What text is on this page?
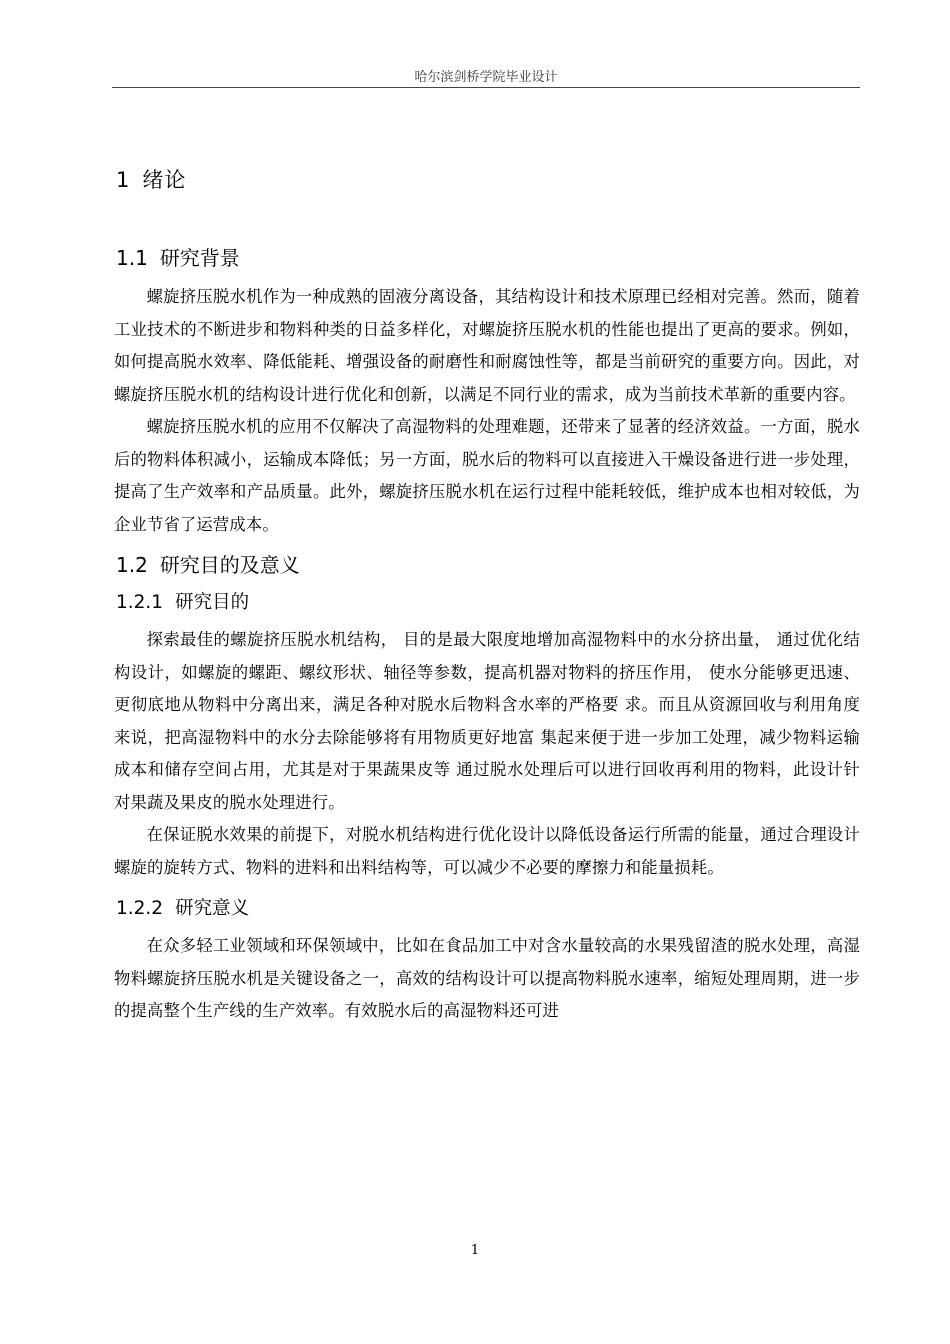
哈尔滨剑桥学院毕业设计
1 绪论
1.1 研究背景

螺旋挤压脱水机作为一种成熟的固液分离设备，其结构设计和技术原理已经相对完善。然而，随着工业技术的不断进步和物料种类的日益多样化，对螺旋挤压脱水机的性能也提出了更高的要求。例如，如何提高脱水效率、降低能耗、增强设备的耐磨性和耐腐蚀性等，都是当前研究的重要方向。因此，对螺旋挤压脱水机的结构设计进行优化和创新，以满足不同行业的需求，成为当前技术革新的重要内容。

螺旋挤压脱水机的应用不仅解决了高湿物料的处理难题，还带来了显著的经济效益。一方面，脱水后的物料体积减小，运输成本降低；另一方面，脱水后的物料可以直接进入干燥设备进行进一步处理，提高了生产效率和产品质量。此外，螺旋挤压脱水机在运行过程中能耗较低，维护成本也相对较低，为企业节省了运营成本。

1.2 研究目的及意义
1.2.1 研究目的

探索最佳的螺旋挤压脱水机结构， 目的是最大限度地增加高湿物料中的水分挤出量， 通过优化结构设计，如螺旋的螺距、螺纹形状、轴径等参数，提高机器对物料的挤压作用， 使水分能够更迅速、更彻底地从物料中分离出来，满足各种对脱水后物料含水率的严格要 求。而且从资源回收与利用角度来说，把高湿物料中的水分去除能够将有用物质更好地富 集起来便于进一步加工处理，减少物料运输成本和储存空间占用，尤其是对于果蔬果皮等 通过脱水处理后可以进行回收再利用的物料，此设计针对果蔬及果皮的脱水处理进行。

在保证脱水效果的前提下，对脱水机结构进行优化设计以降低设备运行所需的能量，通过合理设计螺旋的旋转方式、物料的进料和出料结构等，可以减少不必要的摩擦力和能量损耗。

1.2.2 研究意义

在众多轻工业领域和环保领域中，比如在食品加工中对含水量较高的水果残留渣的脱水处理，高湿物料螺旋挤压脱水机是关键设备之一，高效的结构设计可以提高物料脱水速率，缩短处理周期，进一步的提高整个生产线的生产效率。有效脱水后的高湿物料还可进

1
